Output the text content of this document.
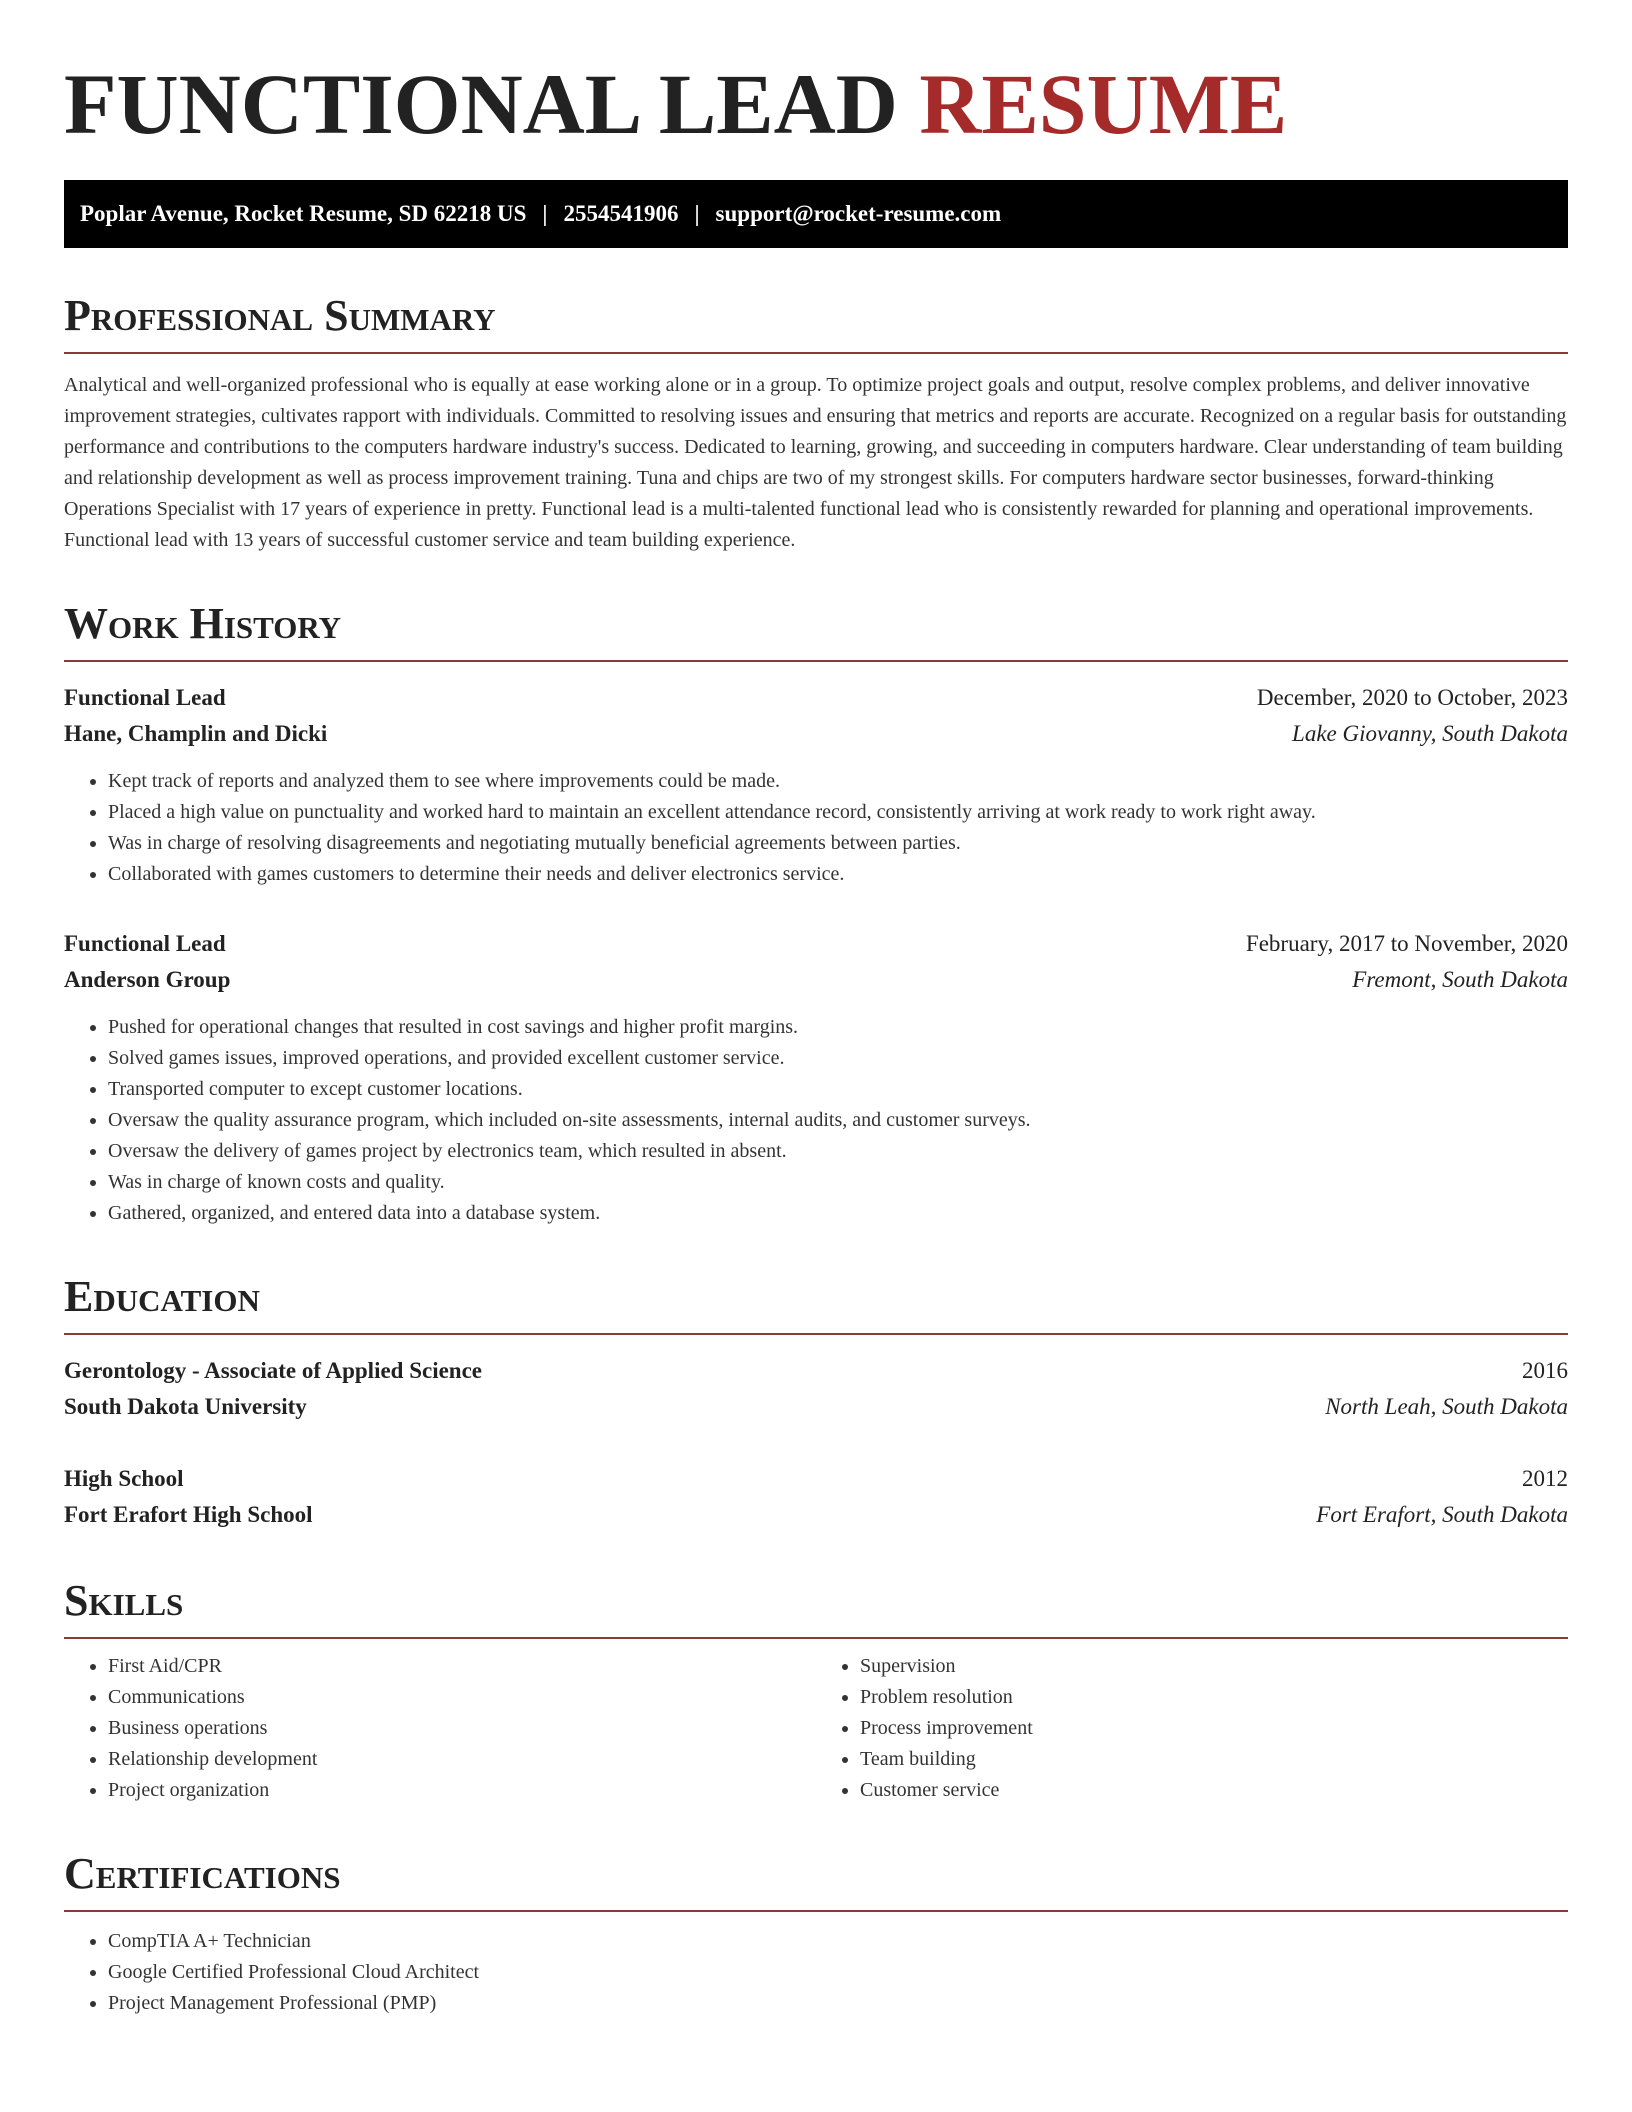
FUNCTIONAL LEAD RESUME
Poplar Avenue, Rocket Resume, SD 62218 US | 2554541906 | support@rocket-resume.com
Professional Summary

Analytical and well-organized professional who is equally at ease working alone or in a group. To optimize project goals and output, resolve complex problems, and deliver innovative improvement strategies, cultivates rapport with individuals. Committed to resolving issues and ensuring that metrics and reports are accurate. Recognized on a regular basis for outstanding performance and contributions to the computers hardware industry's success. Dedicated to learning, growing, and succeeding in computers hardware. Clear understanding of team building and relationship development as well as process improvement training. Tuna and chips are two of my strongest skills. For computers hardware sector businesses, forward-thinking Operations Specialist with 17 years of experience in pretty. Functional lead is a multi-talented functional lead who is consistently rewarded for planning and operational improvements. Functional lead with 13 years of successful customer service and team building experience.

Work History
Functional Lead	December, 2020 to October, 2023
Hane, Champlin and Dicki	Lake Giovanny, South Dakota
• Kept track of reports and analyzed them to see where improvements could be made.
• Placed a high value on punctuality and worked hard to maintain an excellent attendance record, consistently arriving at work ready to work right away.
• Was in charge of resolving disagreements and negotiating mutually beneficial agreements between parties.
• Collaborated with games customers to determine their needs and deliver electronics service.
Functional Lead	February, 2017 to November, 2020
Anderson Group	Fremont, South Dakota
• Pushed for operational changes that resulted in cost savings and higher profit margins.
• Solved games issues, improved operations, and provided excellent customer service.
• Transported computer to except customer locations.
• Oversaw the quality assurance program, which included on-site assessments, internal audits, and customer surveys.
• Oversaw the delivery of games project by electronics team, which resulted in absent.
• Was in charge of known costs and quality.
• Gathered, organized, and entered data into a database system.
Education
Gerontology - Associate of Applied Science	2016
South Dakota University	North Leah, South Dakota
High School	2012
Fort Erafort High School	Fort Erafort, South Dakota
Skills
• First Aid/CPR
• Communications
• Business operations
• Relationship development
• Project organization
• Supervision
• Problem resolution
• Process improvement
• Team building
• Customer service
Certifications
• CompTIA A+ Technician
• Google Certified Professional Cloud Architect
• Project Management Professional (PMP)
